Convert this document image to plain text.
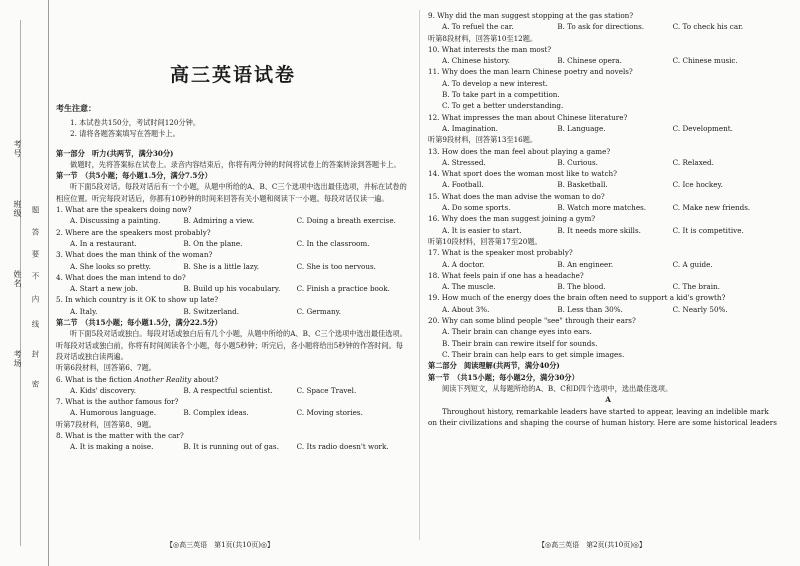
考号
班级
姓名
考场
密
封
线
内
不
要
答
题
高三英语试卷
考生注意：
1. 本试卷共150分，考试时间120分钟。
2. 请将各题答案填写在答题卡上。
第一部分　听力(共两节，满分30分)
做题时，先将答案标在试卷上。录音内容结束后，你将有两分钟的时间将试卷上的答案转涂到答题卡上。
第一节　（共5小题；每小题1.5分，满分7.5分）
听下面5段对话。每段对话后有一个小题，从题中所给的A、B、C三个选项中选出最佳选项，并标在试卷的相应位置。听完每段对话后，你都有10秒钟的时间来回答有关小题和阅读下一小题。每段对话仅读一遍。
1. What are the speakers doing now?
A. Discussing a painting.	B. Admiring a view.	C. Doing a breath exercise.
2. Where are the speakers most probably?
A. In a restaurant.	B. On the plane.	C. In the classroom.
3. What does the man think of the woman?
A. She looks so pretty.	B. She is a little lazy.	C. She is too nervous.
4. What does the man intend to do?
A. Start a new job.	B. Build up his vocabulary.	C. Finish a practice book.
5. In which country is it OK to show up late?
A. Italy.	B. Switzerland.	C. Germany.
第二节　（共15小题；每小题1.5分，满分22.5分）
听下面5段对话或独白。每段对话或独白后有几个小题，从题中所给的A、B、C三个选项中选出最佳选项。听每段对话或独白前，你将有时间阅读各个小题，每小题5秒钟；听完后，各小题将给出5秒钟的作答时间。每段对话或独白读两遍。
听第6段材料，回答第6、7题。
6. What is the fiction Another Reality about?
A. Kids' discovery.	B. A respectful scientist.	C. Space Travel.
7. What is the author famous for?
A. Humorous language.	B. Complex ideas.	C. Moving stories.
听第7段材料，回答第8、9题。
8. What is the matter with the car?
A. It is making a noise.	B. It is running out of gas.	C. Its radio doesn't work.
【◎高三英语　第1页(共10页)◎】
9. Why did the man suggest stopping at the gas station?
A. To refuel the car.	B. To ask for directions.	C. To check his car.
听第8段材料，回答第10至12题。
10. What interests the man most?
A. Chinese history.	B. Chinese opera.	C. Chinese music.
11. Why does the man learn Chinese poetry and novels?
A. To develop a new interest.
B. To take part in a competition.
C. To get a better understanding.
12. What impresses the man about Chinese literature?
A. Imagination.	B. Language.	C. Development.
听第9段材料，回答第13至16题。
13. How does the man feel about playing a game?
A. Stressed.	B. Curious.	C. Relaxed.
14. What sport does the woman most like to watch?
A. Football.	B. Basketball.	C. Ice hockey.
15. What does the man advise the woman to do?
A. Do some sports.	B. Watch more matches.	C. Make new friends.
16. Why does the man suggest joining a gym?
A. It is easier to start.	B. It needs more skills.	C. It is competitive.
听第10段材料，回答第17至20题。
17. What is the speaker most probably?
A. A doctor.	B. An engineer.	C. A guide.
18. What feels pain if one has a headache?
A. The muscle.	B. The blood.	C. The brain.
19. How much of the energy does the brain often need to support a kid's growth?
A. About 3%.	B. Less than 30%.	C. Nearly 50%.
20. Why can some blind people "see" through their ears?
A. Their brain can change eyes into ears.
B. Their brain can rewire itself for sounds.
C. Their brain can help ears to get simple images.
第二部分　阅读理解(共两节，满分40分)
第一节　（共15小题；每小题2分，满分30分）
阅读下列短文，从每题所给的A、B、C和D四个选项中，选出最佳选项。
A
Throughout history, remarkable leaders have started to appear, leaving an indelible mark
on their civilizations and shaping the course of human history. Here are some historical leaders
【◎高三英语　第2页(共10页)◎】
